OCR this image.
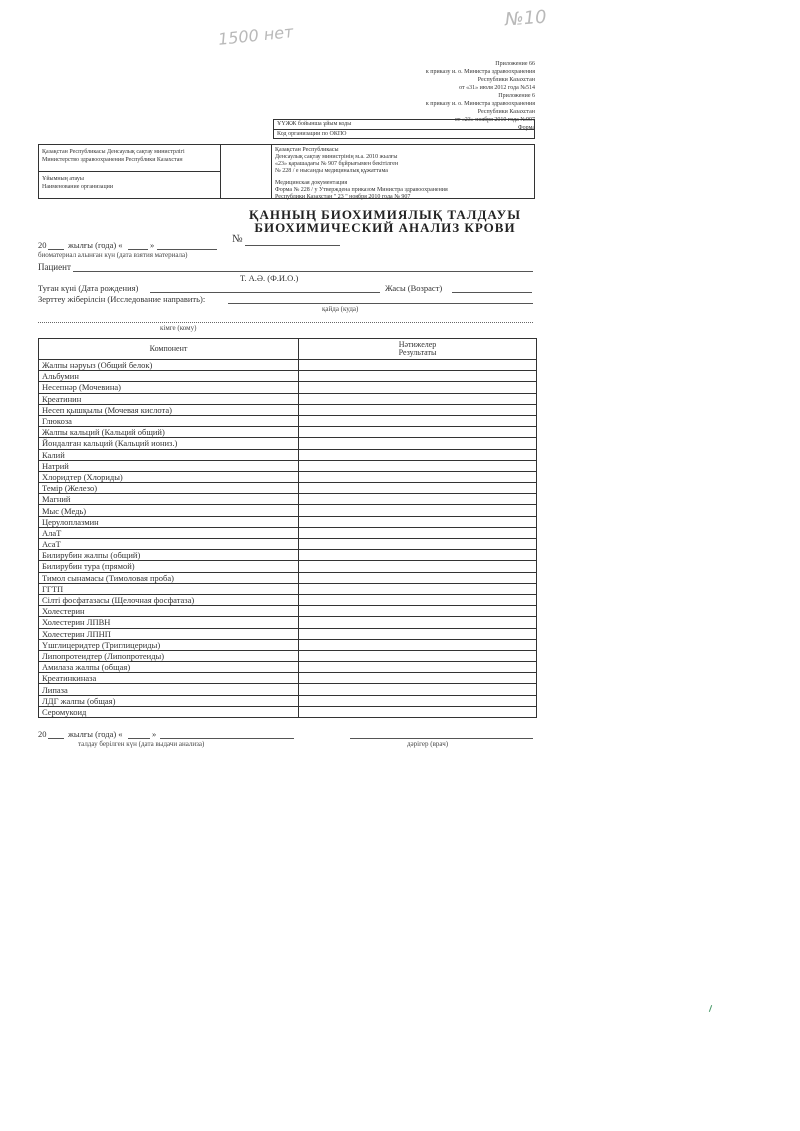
1500 нет
№10
Приложение 66
к приказу и. о. Министра здравоохранения
Республики Казахстан
от «31» июля 2012 года №514
Приложение 6
к приказу и. о. Министра здравоохранения
Республики Казахстан
от «23» ноября 2010 года №907
Форма
ҰҮЖЖ бойынша ұйым коды
Код организации по ОКПО
Қазақстан Республикасы Денсаулық сақтау министрлігі
Министерство здравоохранения Республики Казахстан
Ұйымның атауы
Наименование организации
Қазақстан Республикасы
Денсаулық сақтау министрінің м.а. 2010 жылғы
«23» қарашадағы № 907 бұйрығымен бекітілген
№ 228 / е нысанды медициналық құжаттама
Медицинская документация
Форма № 228 / у Утверждена приказом Министра здравоохранения
Республики Казахстан " 23 " ноября 2010 года № 907
ҚАННЫҢ БИОХИМИЯЛЫҚ ТАЛДАУЫ
БИОХИМИЧЕСКИЙ АНАЛИЗ КРОВИ
№
20	жылғы (года) «	»
биоматериал алынған күн (дата взятия материала)
Пациент
Т. А.Ә. (Ф.И.О.)
Туған күні (Дата рождения)	Жасы (Возраст)
Зерттеу жіберілсін (Исследование направить):
қайда (куда)
кімге (кому)
Компонент	Нәтижелер
Результаты

Жалпы нәруыз (Общий белок)	
Альбумин	
Несепнәр (Мочевина)	
Креатинин	
Несеп қышқылы (Мочевая кислота)	
Глюкоза	
Жалпы кальций (Кальций общий)	
Йондалған кальций (Кальций иониз.)	
Калий	
Натрий	
Хлоридтер (Хлориды)	
Темір (Железо)	
Магний	
Мыс (Медь)	
Церулоплазмин	
АлаТ	
АсаТ	
Билирубин жалпы (общий)	
Билирубин тура (прямой)	
Тимол сынамасы (Тимоловая проба)	
ГГТП	
Сілті фосфатазасы (Щелочная фосфатаза)	
Холестерин	
Холестерин ЛПВН	
Холестерин ЛПНП	
Үшглицеридтер (Триглицериды)	
Липопротеидтер (Липопротеиды)	
Амилаза жалпы (общая)	
Креатинкиназа	
Липаза	
ЛДГ жалпы (общая)	
Серомукоид	
20	жылғы (года) «	»
талдау берілген күн (дата выдачи анализа)	дәрігер (врач)
